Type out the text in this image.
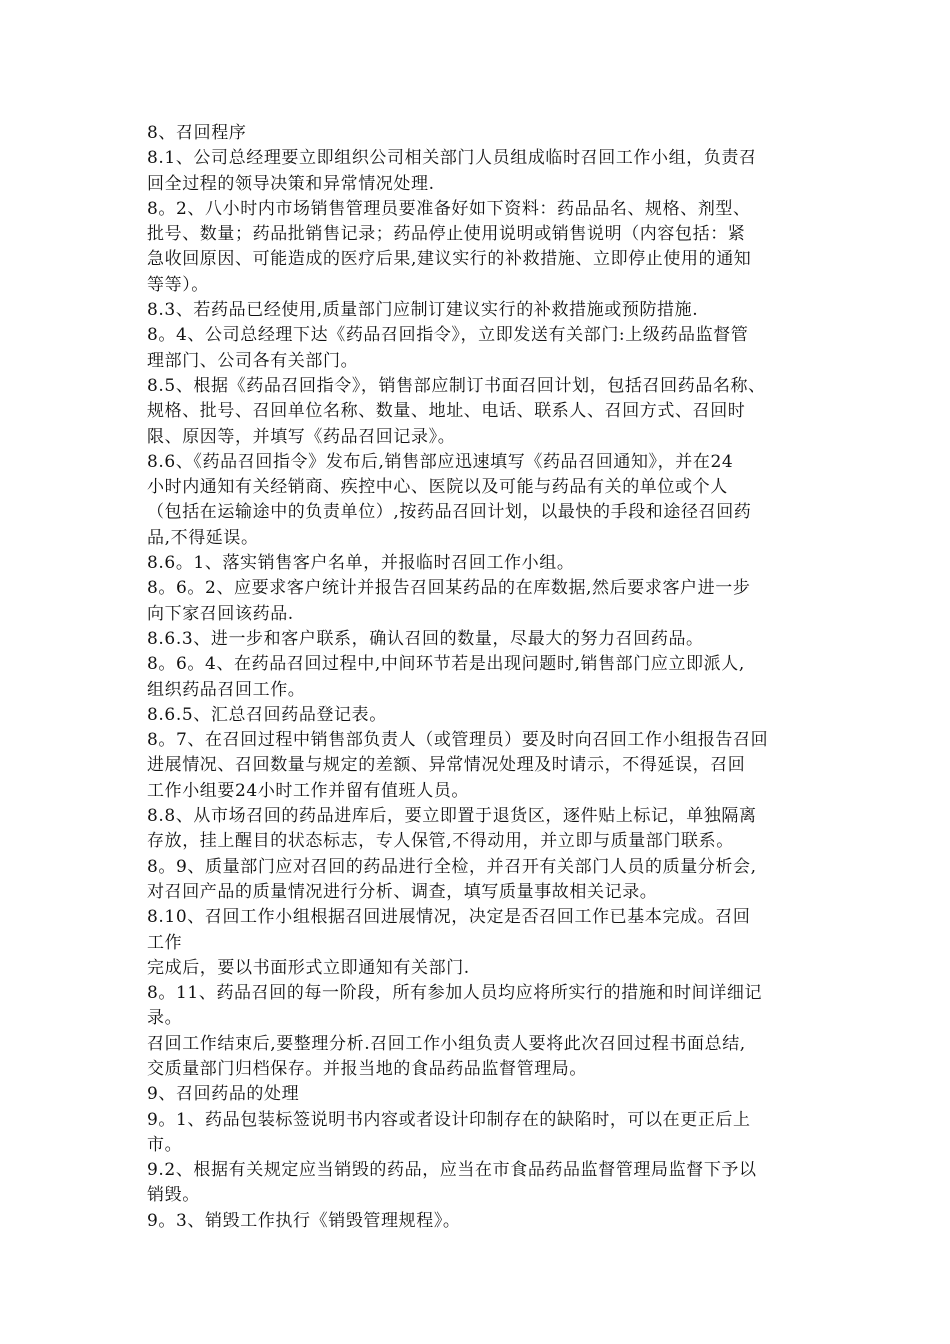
8、召回程序
8.1、公司总经理要立即组织公司相关部门人员组成临时召回工作小组，负责召
回全过程的领导决策和异常情况处理.
8。2、八小时内市场销售管理员要准备好如下资料：药品品名、规格、剂型、
批号、数量；药品批销售记录；药品停止使用说明或销售说明（内容包括：紧
急收回原因、可能造成的医疗后果,建议实行的补救措施、立即停止使用的通知
等等）。
8.3、若药品已经使用,质量部门应制订建议实行的补救措施或预防措施.
8。4、公司总经理下达《药品召回指令》，立即发送有关部门:上级药品监督管
理部门、公司各有关部门。
8.5、根据《药品召回指令》，销售部应制订书面召回计划，包括召回药品名称、
规格、批号、召回单位名称、数量、地址、电话、联系人、召回方式、召回时
限、原因等，并填写《药品召回记录》。
8.6、《药品召回指令》发布后,销售部应迅速填写《药品召回通知》，并在24
小时内通知有关经销商、疾控中心、医院以及可能与药品有关的单位或个人
（包括在运输途中的负责单位）,按药品召回计划，以最快的手段和途径召回药
品,不得延误。
8.6。1、落实销售客户名单，并报临时召回工作小组。
8。6。2、应要求客户统计并报告召回某药品的在库数据,然后要求客户进一步
向下家召回该药品.
8.6.3、进一步和客户联系，确认召回的数量，尽最大的努力召回药品。
8。6。4、在药品召回过程中,中间环节若是出现问题时,销售部门应立即派人,
组织药品召回工作。
8.6.5、汇总召回药品登记表。
8。7、在召回过程中销售部负责人（或管理员）要及时向召回工作小组报告召回
进展情况、召回数量与规定的差额、异常情况处理及时请示，不得延误，召回
工作小组要24小时工作并留有值班人员。
8.8、从市场召回的药品进库后，要立即置于退货区，逐件贴上标记，单独隔离
存放，挂上醒目的状态标志，专人保管,不得动用，并立即与质量部门联系。
8。9、质量部门应对召回的药品进行全检，并召开有关部门人员的质量分析会,
对召回产品的质量情况进行分析、调查，填写质量事故相关记录。
8.10、召回工作小组根据召回进展情况，决定是否召回工作已基本完成。召回
工作
完成后，要以书面形式立即通知有关部门.
8。11、药品召回的每一阶段，所有参加人员均应将所实行的措施和时间详细记
录。
召回工作结束后,要整理分析.召回工作小组负责人要将此次召回过程书面总结,
交质量部门归档保存。并报当地的食品药品监督管理局。
9、召回药品的处理
9。1、药品包装标签说明书内容或者设计印制存在的缺陷时，可以在更正后上
市。
9.2、根据有关规定应当销毁的药品，应当在市食品药品监督管理局监督下予以
销毁。
9。3、销毁工作执行《销毁管理规程》。
